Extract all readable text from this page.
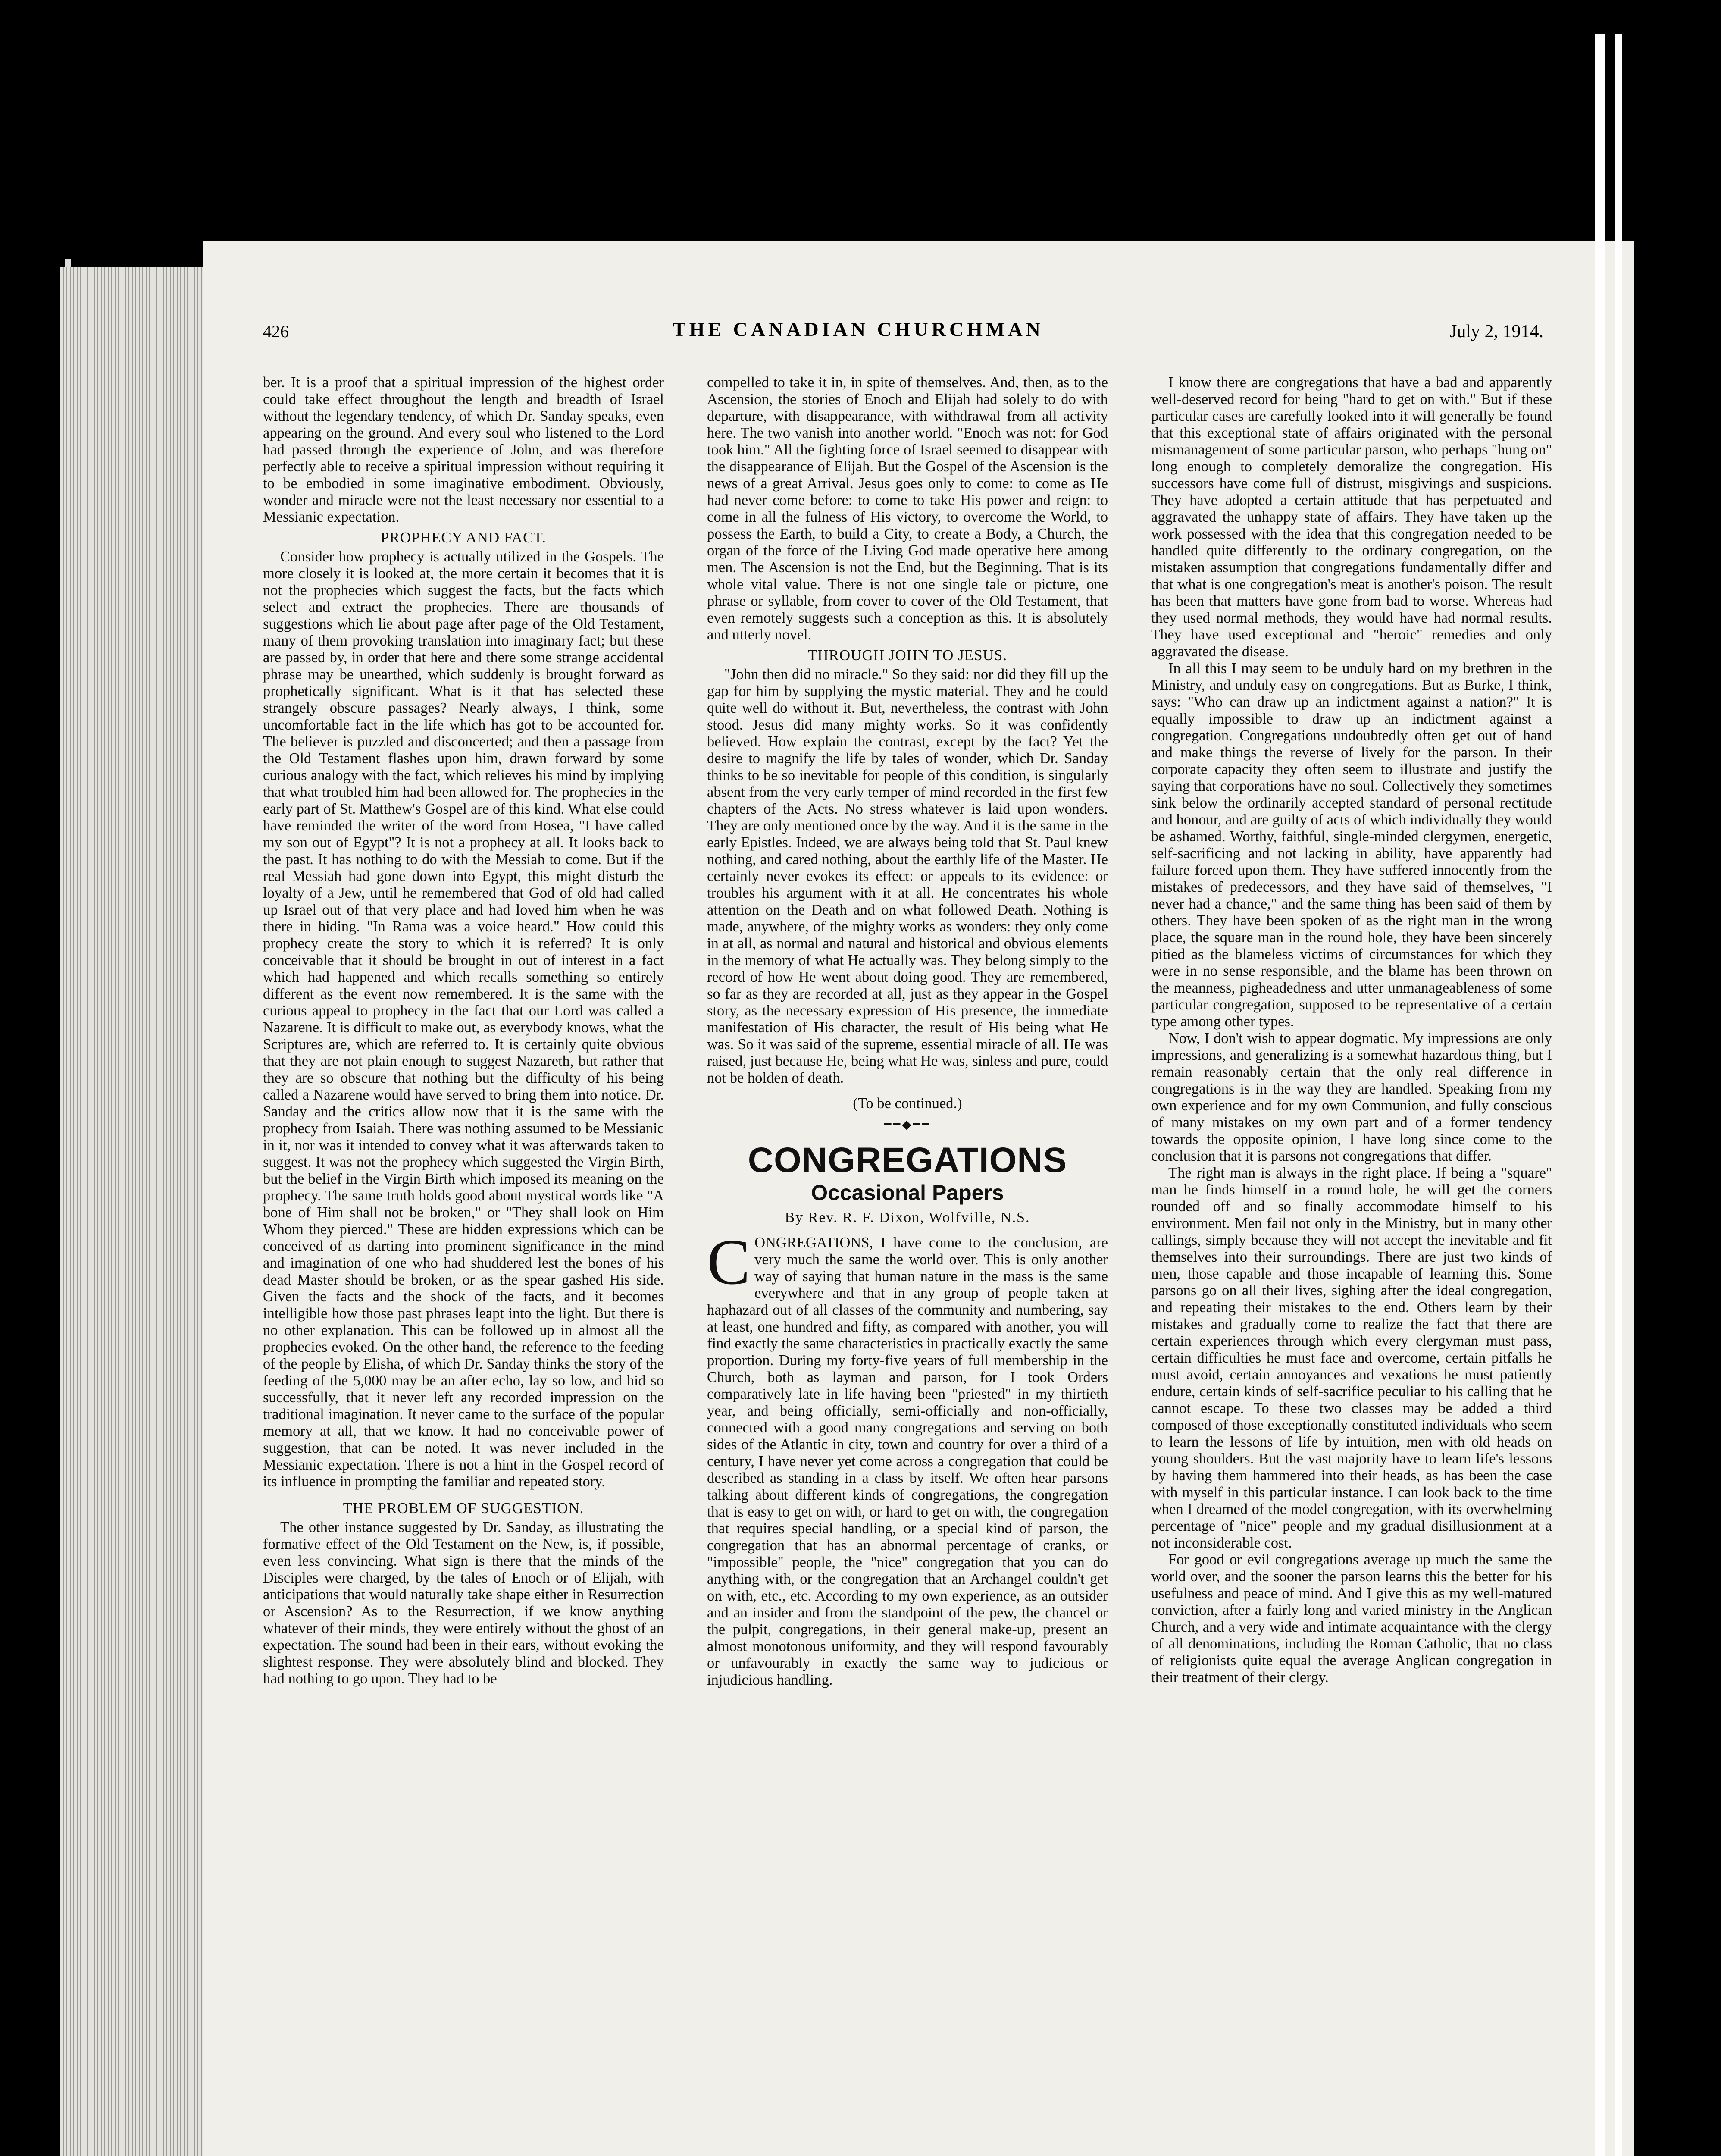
426	THE CANADIAN CHURCHMAN	July 2, 1914.

ber. It is a proof that a spiritual impression of the highest order could take effect throughout the length and breadth of Israel without the legendary tendency, of which Dr. Sanday speaks, even appearing on the ground. And every soul who listened to the Lord had passed through the experience of John, and was therefore perfectly able to receive a spiritual impression without requiring it to be embodied in some imaginative embodiment. Obviously, wonder and miracle were not the least necessary nor essential to a Messianic expectation.

PROPHECY AND FACT.

Consider how prophecy is actually utilized in the Gospels. The more closely it is looked at, the more certain it becomes that it is not the prophecies which suggest the facts, but the facts which select and extract the prophecies. There are thousands of suggestions which lie about page after page of the Old Testament, many of them provoking translation into imaginary fact; but these are passed by, in order that here and there some strange accidental phrase may be unearthed, which suddenly is brought forward as prophetically significant. What is it that has selected these strangely obscure passages? Nearly always, I think, some uncomfortable fact in the life which has got to be accounted for. The believer is puzzled and disconcerted; and then a passage from the Old Testament flashes upon him, drawn forward by some curious analogy with the fact, which relieves his mind by implying that what troubled him had been allowed for. The prophecies in the early part of St. Matthew's Gospel are of this kind. What else could have reminded the writer of the word from Hosea, "I have called my son out of Egypt"? It is not a prophecy at all. It looks back to the past. It has nothing to do with the Messiah to come. But if the real Messiah had gone down into Egypt, this might disturb the loyalty of a Jew, until he remembered that God of old had called up Israel out of that very place and had loved him when he was there in hiding. "In Rama was a voice heard." How could this prophecy create the story to which it is referred? It is only conceivable that it should be brought in out of interest in a fact which had happened and which recalls something so entirely different as the event now remembered. It is the same with the curious appeal to prophecy in the fact that our Lord was called a Nazarene. It is difficult to make out, as everybody knows, what the Scriptures are, which are referred to. It is certainly quite obvious that they are not plain enough to suggest Nazareth, but rather that they are so obscure that nothing but the difficulty of his being called a Nazarene would have served to bring them into notice. Dr. Sanday and the critics allow now that it is the same with the prophecy from Isaiah. There was nothing assumed to be Messianic in it, nor was it intended to convey what it was afterwards taken to suggest. It was not the prophecy which suggested the Virgin Birth, but the belief in the Virgin Birth which imposed its meaning on the prophecy. The same truth holds good about mystical words like "A bone of Him shall not be broken," or "They shall look on Him Whom they pierced." These are hidden expressions which can be conceived of as darting into prominent significance in the mind and imagination of one who had shuddered lest the bones of his dead Master should be broken, or as the spear gashed His side. Given the facts and the shock of the facts, and it becomes intelligible how those past phrases leapt into the light. But there is no other explanation. This can be followed up in almost all the prophecies evoked. On the other hand, the reference to the feeding of the people by Elisha, of which Dr. Sanday thinks the story of the feeding of the 5,000 may be an after echo, lay so low, and hid so successfully, that it never left any recorded impression on the traditional imagination. It never came to the surface of the popular memory at all, that we know. It had no conceivable power of suggestion, that can be noted. It was never included in the Messianic expectation. There is not a hint in the Gospel record of its influence in prompting the familiar and repeated story.

THE PROBLEM OF SUGGESTION.

The other instance suggested by Dr. Sanday, as illustrating the formative effect of the Old Testament on the New, is, if possible, even less convincing. What sign is there that the minds of the Disciples were charged, by the tales of Enoch or of Elijah, with anticipations that would naturally take shape either in Resurrection or Ascension? As to the Resurrection, if we know anything whatever of their minds, they were entirely without the ghost of an expectation. The sound had been in their ears, without evoking the slightest response. They were absolutely blind and blocked. They had nothing to go upon. They had to be

compelled to take it in, in spite of themselves. And, then, as to the Ascension, the stories of Enoch and Elijah had solely to do with departure, with disappearance, with withdrawal from all activity here. The two vanish into another world. "Enoch was not: for God took him." All the fighting force of Israel seemed to disappear with the disappearance of Elijah. But the Gospel of the Ascension is the news of a great Arrival. Jesus goes only to come: to come as He had never come before: to come to take His power and reign: to come in all the fulness of His victory, to overcome the World, to possess the Earth, to build a City, to create a Body, a Church, the organ of the force of the Living God made operative here among men. The Ascension is not the End, but the Beginning. That is its whole vital value. There is not one single tale or picture, one phrase or syllable, from cover to cover of the Old Testament, that even remotely suggests such a conception as this. It is absolutely and utterly novel.

THROUGH JOHN TO JESUS.

"John then did no miracle." So they said: nor did they fill up the gap for him by supplying the mystic material. They and he could quite well do without it. But, nevertheless, the contrast with John stood. Jesus did many mighty works. So it was confidently believed. How explain the contrast, except by the fact? Yet the desire to magnify the life by tales of wonder, which Dr. Sanday thinks to be so inevitable for people of this condition, is singularly absent from the very early temper of mind recorded in the first few chapters of the Acts. No stress whatever is laid upon wonders. They are only mentioned once by the way. And it is the same in the early Epistles. Indeed, we are always being told that St. Paul knew nothing, and cared nothing, about the earthly life of the Master. He certainly never evokes its effect: or appeals to its evidence: or troubles his argument with it at all. He concentrates his whole attention on the Death and on what followed Death. Nothing is made, anywhere, of the mighty works as wonders: they only come in at all, as normal and natural and historical and obvious elements in the memory of what He actually was. They belong simply to the record of how He went about doing good. They are remembered, so far as they are recorded at all, just as they appear in the Gospel story, as the necessary expression of His presence, the immediate manifestation of His character, the result of His being what He was. So it was said of the supreme, essential miracle of all. He was raised, just because He, being what He was, sinless and pure, could not be holden of death.

(To be continued.)
━━◆━━
CONGREGATIONS
Occasional Papers
By Rev. R. F. Dixon, Wolfville, N.S.

CONGREGATIONS, I have come to the conclusion, are very much the same the world over. This is only another way of saying that human nature in the mass is the same everywhere and that in any group of people taken at haphazard out of all classes of the community and numbering, say at least, one hundred and fifty, as compared with another, you will find exactly the same characteristics in practically exactly the same proportion. During my forty-five years of full membership in the Church, both as layman and parson, for I took Orders comparatively late in life having been "priested" in my thirtieth year, and being officially, semi-officially and non-officially, connected with a good many congregations and serving on both sides of the Atlantic in city, town and country for over a third of a century, I have never yet come across a congregation that could be described as standing in a class by itself. We often hear parsons talking about different kinds of congregations, the congregation that is easy to get on with, or hard to get on with, the congregation that requires special handling, or a special kind of parson, the congregation that has an abnormal percentage of cranks, or "impossible" people, the "nice" congregation that you can do anything with, or the congregation that an Archangel couldn't get on with, etc., etc. According to my own experience, as an outsider and an insider and from the standpoint of the pew, the chancel or the pulpit, congregations, in their general make-up, present an almost monotonous uniformity, and they will respond favourably or unfavourably in exactly the same way to judicious or injudicious handling.

I know there are congregations that have a bad and apparently well-deserved record for being "hard to get on with." But if these particular cases are carefully looked into it will generally be found that this exceptional state of affairs originated with the personal mismanagement of some particular parson, who perhaps "hung on" long enough to completely demoralize the congregation. His successors have come full of distrust, misgivings and suspicions. They have adopted a certain attitude that has perpetuated and aggravated the unhappy state of affairs. They have taken up the work possessed with the idea that this congregation needed to be handled quite differently to the ordinary congregation, on the mistaken assumption that congregations fundamentally differ and that what is one congregation's meat is another's poison. The result has been that matters have gone from bad to worse. Whereas had they used normal methods, they would have had normal results. They have used exceptional and "heroic" remedies and only aggravated the disease.

In all this I may seem to be unduly hard on my brethren in the Ministry, and unduly easy on congregations. But as Burke, I think, says: "Who can draw up an indictment against a nation?" It is equally impossible to draw up an indictment against a congregation. Congregations undoubtedly often get out of hand and make things the reverse of lively for the parson. In their corporate capacity they often seem to illustrate and justify the saying that corporations have no soul. Collectively they sometimes sink below the ordinarily accepted standard of personal rectitude and honour, and are guilty of acts of which individually they would be ashamed. Worthy, faithful, single-minded clergymen, energetic, self-sacrificing and not lacking in ability, have apparently had failure forced upon them. They have suffered innocently from the mistakes of predecessors, and they have said of themselves, "I never had a chance," and the same thing has been said of them by others. They have been spoken of as the right man in the wrong place, the square man in the round hole, they have been sincerely pitied as the blameless victims of circumstances for which they were in no sense responsible, and the blame has been thrown on the meanness, pigheadedness and utter unmanageableness of some particular congregation, supposed to be representative of a certain type among other types.

Now, I don't wish to appear dogmatic. My impressions are only impressions, and generalizing is a somewhat hazardous thing, but I remain reasonably certain that the only real difference in congregations is in the way they are handled. Speaking from my own experience and for my own Communion, and fully conscious of many mistakes on my own part and of a former tendency towards the opposite opinion, I have long since come to the conclusion that it is parsons not congregations that differ.

The right man is always in the right place. If being a "square" man he finds himself in a round hole, he will get the corners rounded off and so finally accommodate himself to his environment. Men fail not only in the Ministry, but in many other callings, simply because they will not accept the inevitable and fit themselves into their surroundings. There are just two kinds of men, those capable and those incapable of learning this. Some parsons go on all their lives, sighing after the ideal congregation, and repeating their mistakes to the end. Others learn by their mistakes and gradually come to realize the fact that there are certain experiences through which every clergyman must pass, certain difficulties he must face and overcome, certain pitfalls he must avoid, certain annoyances and vexations he must patiently endure, certain kinds of self-sacrifice peculiar to his calling that he cannot escape. To these two classes may be added a third composed of those exceptionally constituted individuals who seem to learn the lessons of life by intuition, men with old heads on young shoulders. But the vast majority have to learn life's lessons by having them hammered into their heads, as has been the case with myself in this particular instance. I can look back to the time when I dreamed of the model congregation, with its overwhelming percentage of "nice" people and my gradual disillusionment at a not inconsiderable cost.

For good or evil congregations average up much the same the world over, and the sooner the parson learns this the better for his usefulness and peace of mind. And I give this as my well-matured conviction, after a fairly long and varied ministry in the Anglican Church, and a very wide and intimate acquaintance with the clergy of all denominations, including the Roman Catholic, that no class of religionists quite equal the average Anglican congregation in their treatment of their clergy.
